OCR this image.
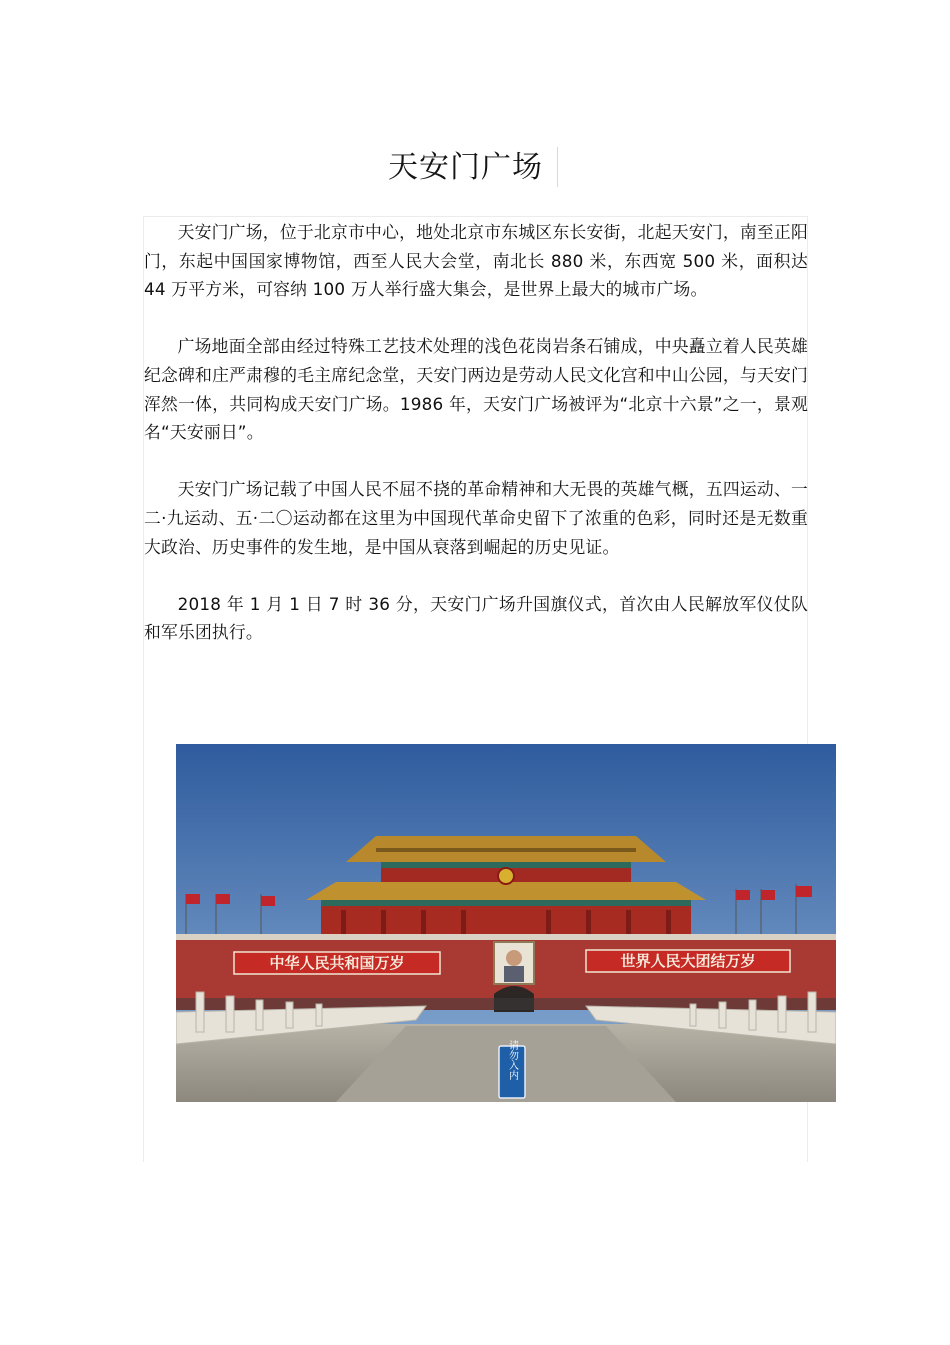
天安门广场

天安门广场，位于北京市中心，地处北京市东城区东长安街，北起天安门，南至正阳门，东起中国国家博物馆，西至人民大会堂，南北长 880 米，东西宽 500 米，面积达 44 万平方米，可容纳 100 万人举行盛大集会，是世界上最大的城市广场。

广场地面全部由经过特殊工艺技术处理的浅色花岗岩条石铺成，中央矗立着人民英雄纪念碑和庄严肃穆的毛主席纪念堂，天安门两边是劳动人民文化宫和中山公园，与天安门浑然一体，共同构成天安门广场。1986 年，天安门广场被评为“北京十六景”之一，景观名“天安丽日”。

天安门广场记载了中国人民不屈不挠的革命精神和大无畏的英雄气概，五四运动、一二·九运动、五·二〇运动都在这里为中国现代革命史留下了浓重的色彩，同时还是无数重大政治、历史事件的发生地，是中国从衰落到崛起的历史见证。

2018 年 1 月 1 日 7 时 36 分，天安门广场升国旗仪式，首次由人民解放军仪仗队和军乐团执行。

中华人民共和国万岁	世界人民大团结万岁
请勿入内
